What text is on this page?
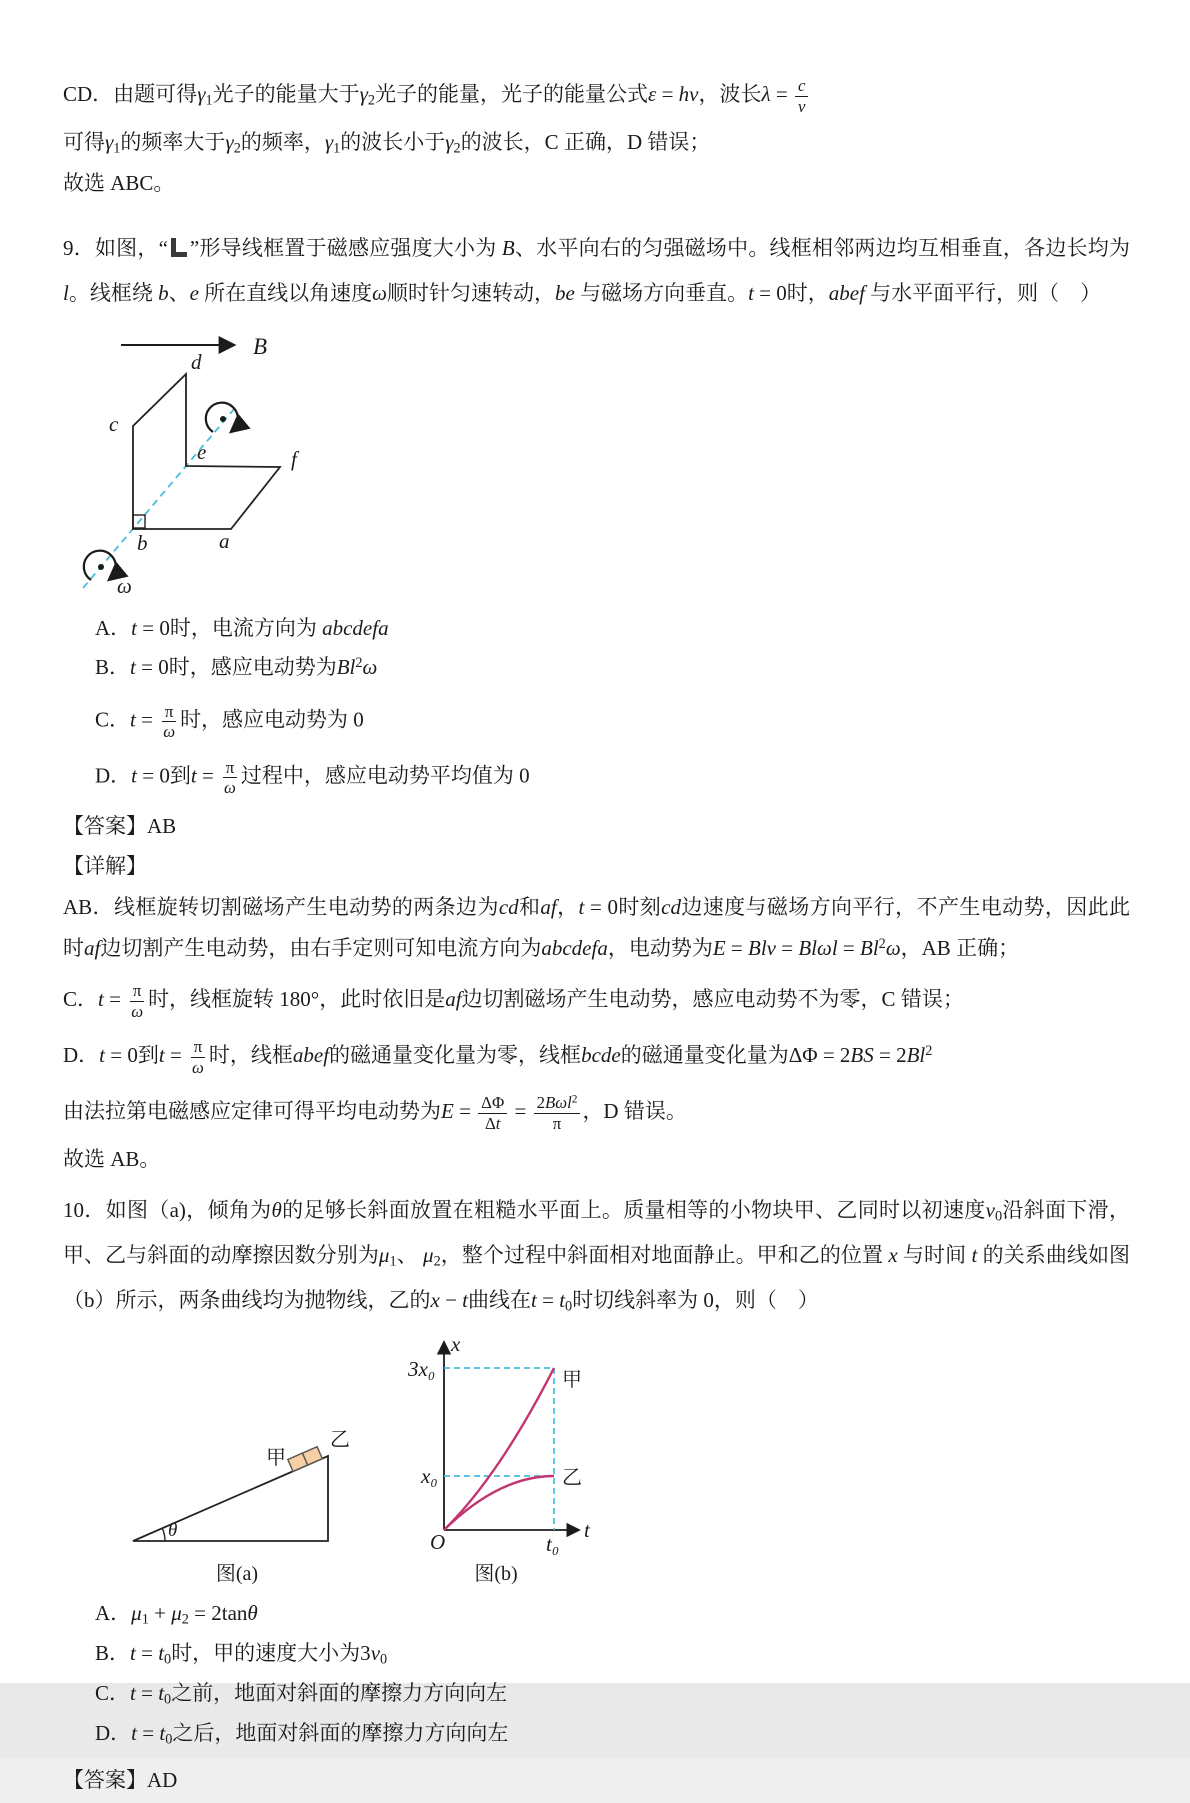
CD．由题可得$\gamma_1$光子的能量大于$\gamma_2$光子的能量，光子的能量公式ε = hν，波长$\lambda = \frac{c}{\nu}$

可得$\gamma_1$的频率大于$\gamma_2$的频率，$\gamma_1$的波长小于$\gamma_2$的波长，C 正确，D 错误；

故选 ABC。

9．如图，“ ”形导线框置于磁感应强度大小为 B、水平向右的匀强磁场中。线框相邻两边均互相垂直，各边长均为 l。线框绕 b、e 所在直线以角速度ω顺时针匀速转动，be 与磁场方向垂直。t = 0时，abef 与水平面平行，则（　）

B
d
c
e	f
b	a
ω

A．t = 0时，电流方向为 abcdefa

B．t = 0时，感应电动势为Bl$^2$ω

C．$t = \frac{\pi}{\omega}$ 时，感应电动势为 0

D．t = 0到$t = \frac{\pi}{\omega}$ 过程中，感应电动势平均值为 0

【答案】AB

【详解】

AB．线框旋转切割磁场产生电动势的两条边为cd和af，t = 0时刻cd边速度与磁场方向平行，不产生电动势，因此此时af边切割产生电动势，由右手定则可知电流方向为abcdefa，电动势为E = Blv = $Bl\omega l = Bl^2\omega$，AB 正确；

C．$t = \frac{\pi}{\omega}$ 时，线框旋转 180°，此时依旧是af边切割磁场产生电动势，感应电动势不为零，C 错误；

D．t = 0到$t = \frac{\pi}{\omega}$ 时，线框abef的磁通量变化量为零，线框bcde的磁通量变化量为$\Delta\Phi = 2BS = 2Bl^2$

由法拉第电磁感应定律可得平均电动势为$E = \frac{\Delta\Phi}{\Delta t} = \frac{2B\omega l^2}{\pi}$ ，D 错误。

故选 AB。

10．如图（a)，倾角为θ的足够长斜面放置在粗糙水平面上。质量相等的小物块甲、乙同时以初速度$v_0$沿斜面下滑，甲、乙与斜面的动摩擦因数分别为$\mu_1$、 $\mu_2$，整个过程中斜面相对地面静止。甲和乙的位置 x 与时间 t 的关系曲线如图（b）所示，两条曲线均为抛物线，乙的x − t曲线在$t = t_0$时切线斜率为 0，则（　）

θ
甲
乙
图(a)
x
3x₀
x₀
甲
乙
O	t₀
t
图(b)

A．$\mu_1 + \mu_2 = 2\tan\theta$

B．$t = t_0$时，甲的速度大小为$3v_0$

C．$t = t_0$之前，地面对斜面的摩擦力方向向左

D．$t = t_0$之后，地面对斜面的摩擦力方向向左

【答案】AD
